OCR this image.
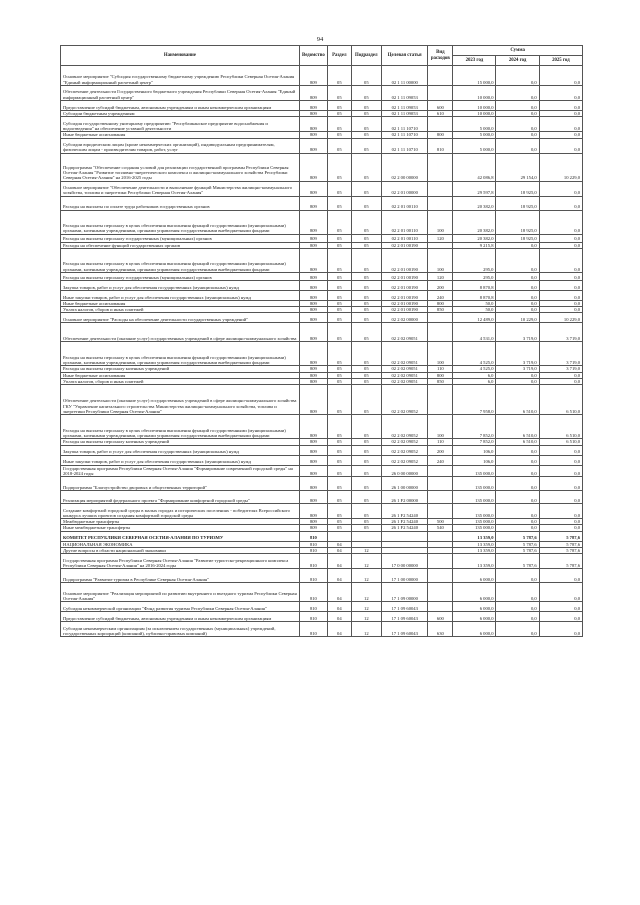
94
Наименование	Ведомство	Раздел	Подраздел	Целевая статья	Вид расходов	Сумма		
						2023 год	2024 год	2025 год
Основное мероприятие "Субсидия государственному бюджетному учреждению Республики Северная Осетия-Алания "Единый информационный расчетный центр"	809	05	05	02 1 11 00000		15 000,0	0,0	0,0
Обеспечение деятельности Государственного бюджетного учреждения Республики Северная Осетия-Алания "Единый информационный расчетный центр"	809	05	05	02 1 11 09053		10 000,0	0,0	0,0
Предоставление субсидий бюджетным, автономным учреждениям и иным некоммерческим организациям	809	05	05	02 1 11 09053	600	10 000,0	0,0	0,0
Субсидии бюджетным учреждениям	809	05	05	02 1 11 09053	610	10 000,0	0,0	0,0
Субсидия государственному унитарному предприятию "Республиканское предприятие водоснабжения и водоотведения" на обеспечение уставной деятельности	809	05	05	02 1 11 10710		5 000,0	0,0	0,0
Иные бюджетные ассигнования	809	05	05	02 1 11 10710	800	5 000,0	0,0	0,0
Субсидии юридическим лицам (кроме некоммерческих организаций), индивидуальным предпринимателям, физическим лицам - производителям товаров, работ, услуг	809	05	05	02 1 11 10710	810	5 000,0	0,0	0,0
Подпрограмма "Обеспечение создания условий для реализации государственной программы Республики Северная Осетия-Алания "Развитие топливно-энергетического комплекса и жилищно-коммунального хозяйства Республики Северная Осетия-Алания" на 2016-2025 годы	809	05	05	02 2 00 00000		42 086,8	29 154,0	10 229,0
Основное мероприятие "Обеспечение деятельности и выполнение функций Министерства жилищно-коммунального хозяйства, топлива и энергетики Республики Северная Осетия-Алания"	809	05	05	02 2 01 00000		29 597,8	18 925,0	0,0
Расходы на выплаты по оплате труда работников государственных органов	809	05	05	02 2 01 00110		20 382,0	18 925,0	0,0
Расходы на выплаты персоналу в целях обеспечения выполнения функций государственными (муниципальными) органами, казенными учреждениями, органами управления государственными внебюджетными фондами	809	05	05	02 2 01 00110	100	20 382,0	18 925,0	0,0
Расходы на выплаты персоналу государственных (муниципальных) органов	809	05	05	02 2 01 00110	120	20 382,0	18 925,0	0,0
Расходы на обеспечение функций государственных органов	809	05	05	02 2 01 00190		9 215,8	0,0	0,0
Расходы на выплаты персоналу в целях обеспечения выполнения функций государственными (муниципальными) органами, казенными учреждениями, органами управления государственными внебюджетными фондами	809	05	05	02 2 01 00190	100	295,0	0,0	0,0
Расходы на выплаты персоналу государственных (муниципальных) органов	809	05	05	02 2 01 00190	120	295,0	0,0	0,0
Закупка товаров, работ и услуг для обеспечения государственных (муниципальных) нужд	809	05	05	02 2 01 00190	200	8 870,8	0,0	0,0
Иные закупки товаров, работ и услуг для обеспечения государственных (муниципальных) нужд	809	05	05	02 2 01 00190	240	8 870,8	0,0	0,0
Иные бюджетные ассигнования	809	05	05	02 2 01 00190	800	50,0	0,0	0,0
Уплата налогов, сборов и иных платежей	809	05	05	02 2 01 00190	850	50,0	0,0	0,0
Основное мероприятие "Расходы на обеспечение деятельности государственных учреждений"	809	05	05	02 2 02 00000		12 489,0	10 229,0	10 229,0
Обеспечение деятельности (оказание услуг) государственных учреждений в сфере жилищно-коммунального хозяйства	809	05	05	02 2 02 09051		4 531,0	3 719,0	3 719,0
Расходы на выплаты персоналу в целях обеспечения выполнения функций государственными (муниципальными) органами, казенными учреждениями, органами управления государственными внебюджетными фондами	809	05	05	02 2 02 09051	100	4 525,0	3 719,0	3 719,0
Расходы на выплаты персоналу казенных учреждений	809	05	05	02 2 02 09051	110	4 525,0	3 719,0	3 719,0
Иные бюджетные ассигнования	809	05	05	02 2 02 09051	800	6,0	0,0	0,0
Уплата налогов, сборов и иных платежей	809	05	05	02 2 02 09051	850	6,0	0,0	0,0
Обеспечение деятельности (оказание услуг) государственных учреждений в сфере жилищно-коммунального хозяйства ГКУ "Управление капитального строительства Министерства жилищно-коммунального хозяйства, топлива и энергетики Республики Северная Осетия-Алания"	809	05	05	02 2 02 09052		7 958,0	6 510,0	6 510,0
Расходы на выплаты персоналу в целях обеспечения выполнения функций государственными (муниципальными) органами, казенными учреждениями, органами управления государственными внебюджетными фондами	809	05	05	02 2 02 09052	100	7 852,0	6 510,0	6 510,0
Расходы на выплаты персоналу казенных учреждений	809	05	05	02 2 02 09052	110	7 852,0	6 510,0	6 510,0
Закупка товаров, работ и услуг для обеспечения государственных (муниципальных) нужд	809	05	05	02 2 02 09052	200	106,0	0,0	0,0
Иные закупки товаров, работ и услуг для обеспечения государственных (муниципальных) нужд	809	05	05	02 2 02 09052	240	106,0	0,0	0,0
Государственная программа Республики Северная Осетия-Алания "Формирование современной городской среды" на 2018-2024 годы	809	05	05	26 0 00 00000		135 000,0	0,0	0,0
Подпрограмма "Благоустройство дворовых и общественных территорий"	809	05	05	26 1 00 00000		135 000,0	0,0	0,0
Реализация мероприятий федерального проекта "Формирование комфортной городской среды"	809	05	05	26 1 F2 00000		135 000,0	0,0	0,0
Создание комфортной городской среды в малых городах и исторических поселениях - победителях Всероссийского конкурса лучших проектов создания комфортной городской среды	809	05	05	26 1 F2 54240		135 000,0	0,0	0,0
Межбюджетные трансферты	809	05	05	26 1 F2 54240	500	135 000,0	0,0	0,0
Иные межбюджетные трансферты	809	05	05	26 1 F2 54240	540	135 000,0	0,0	0,0
КОМИТЕТ РЕСПУБЛИКИ СЕВЕРНАЯ ОСЕТИЯ-АЛАНИЯ ПО ТУРИЗМУ	810					13 359,0	5 787,6	5 787,6
НАЦИОНАЛЬНАЯ ЭКОНОМИКА	810	04				13 359,0	5 787,6	5 787,6
Другие вопросы в области национальной экономики	810	04	12			13 359,0	5 787,6	5 787,6
Государственная программа Республики Северная Осетия-Алания "Развитие туристско-рекреационного комплекса Республики Северная Осетия-Алания" на 2016-2024 годы	810	04	12	17 0 00 00000		13 359,0	5 787,6	5 787,6
Подпрограмма "Развитие туризма в Республике Северная Осетия-Алания"	810	04	12	17 1 00 00000		6 000,0	0,0	0,0
Основное мероприятие "Реализация мероприятий по развитию внутреннего и въездного туризма Республики Северная Осетия-Алания"	810	04	12	17 1 09 00000		6 000,0	0,0	0,0
Субсидия некоммерческой организации "Фонд развития туризма Республики Северная Осетия-Алания"	810	04	12	17 1 09 60043		6 000,0	0,0	0,0
Предоставление субсидий бюджетным, автономным учреждениям и иным некоммерческим организациям	810	04	12	17 1 09 60043	600	6 000,0	0,0	0,0
Субсидии некоммерческим организациям (за исключением государственных (муниципальных) учреждений, государственных корпораций (компаний), публично-правовых компаний)	810	04	12	17 1 09 60043	630	6 000,0	0,0	0,0
